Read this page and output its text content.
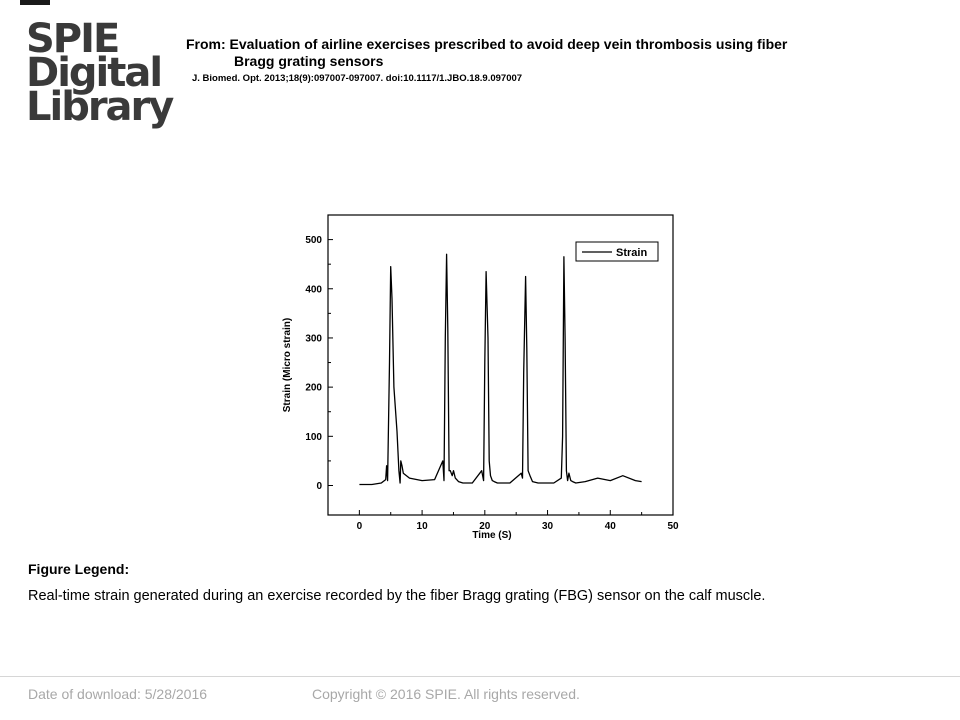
SPIE
Digital
Library
From: Evaluation of airline exercises prescribed to avoid deep vein thrombosis using fiber
Bragg grating sensors
J. Biomed. Opt. 2013;18(9):097007-097007. doi:10.1117/1.JBO.18.9.097007
0
100
200
300
400
500
0	10	20	30	40	50
Strain
Strain (Micro strain)
Time (S)
Figure Legend:
Real-time strain generated during an exercise recorded by the fiber Bragg grating (FBG) sensor on the calf muscle.
Date of download: 5/28/2016	Copyright © 2016 SPIE. All rights reserved.
